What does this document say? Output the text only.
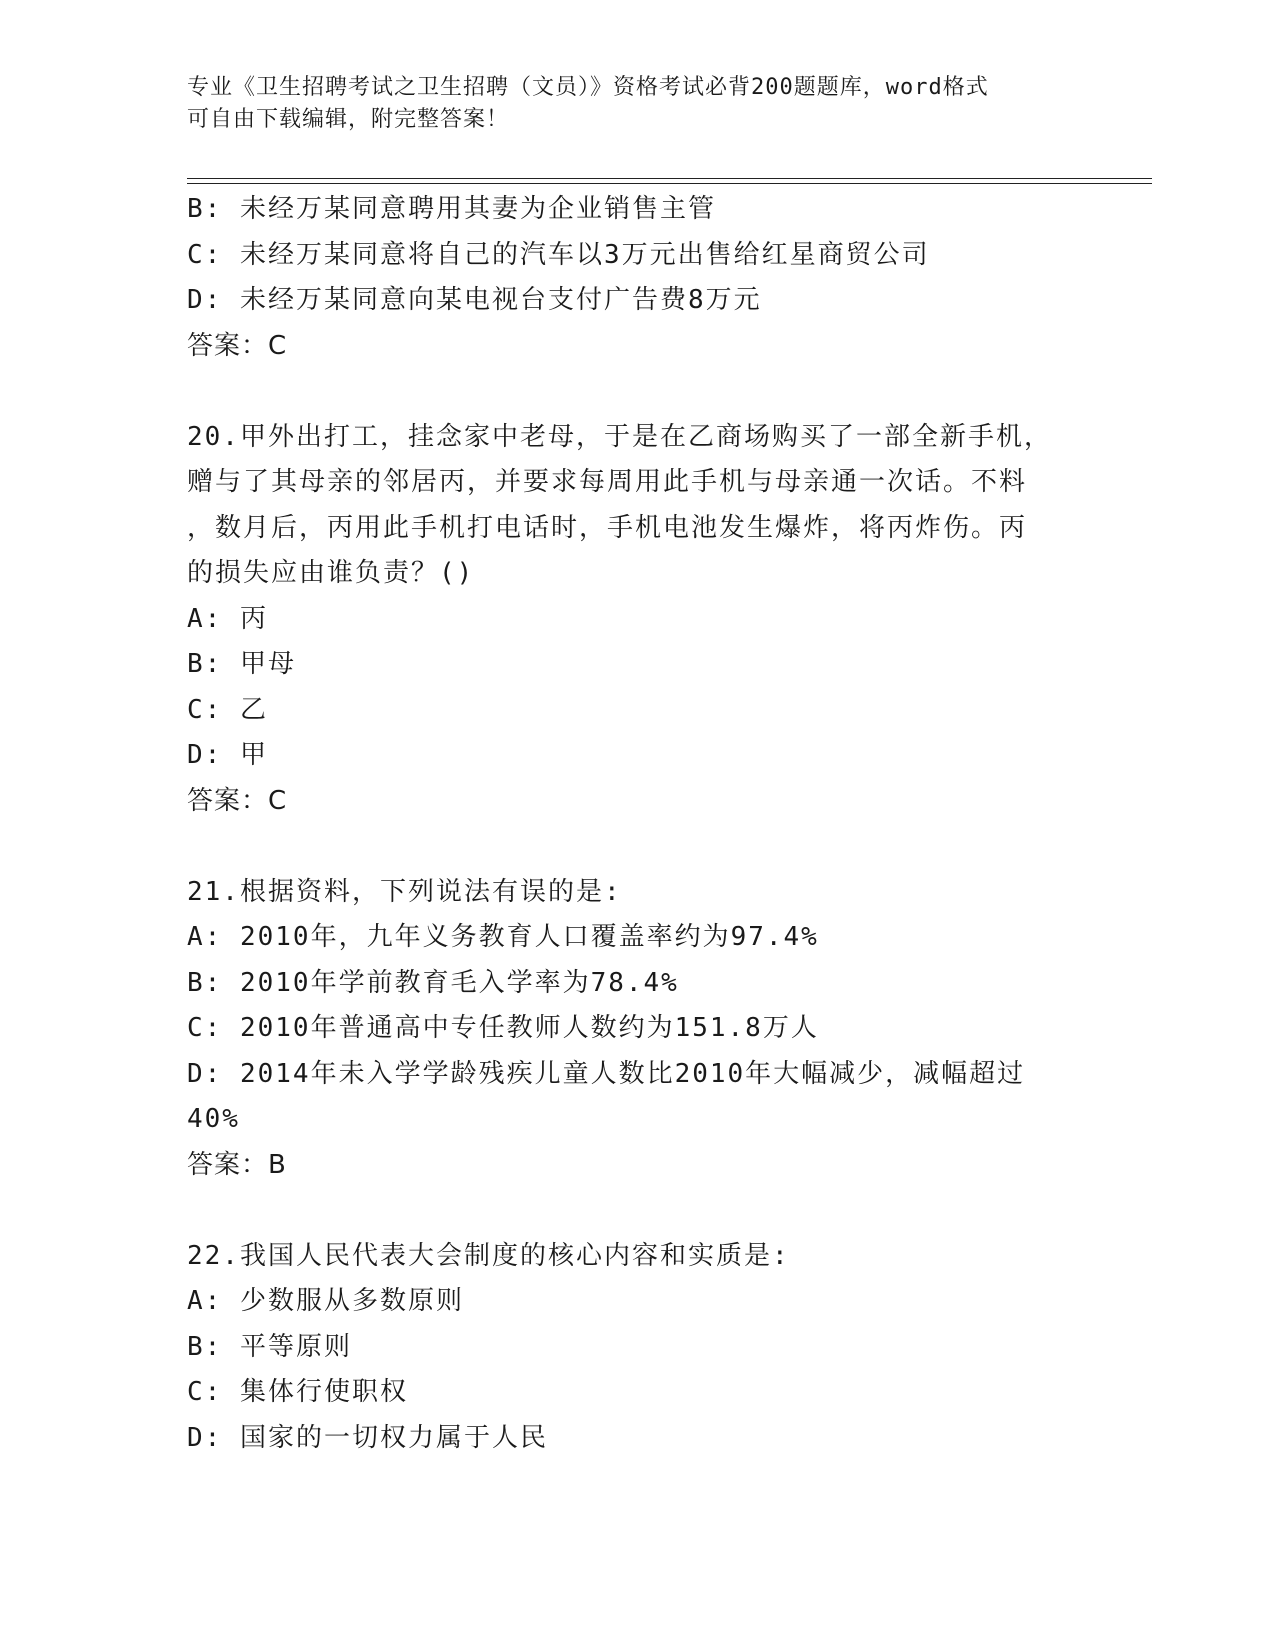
专业《卫生招聘考试之卫生招聘（文员）》资格考试必背200题题库，word格式
可自由下载编辑，附完整答案！
B: 未经万某同意聘用其妻为企业销售主管
C: 未经万某同意将自己的汽车以3万元出售给红星商贸公司
D: 未经万某同意向某电视台支付广告费8万元
答案：C
20.甲外出打工，挂念家中老母，于是在乙商场购买了一部全新手机，
赠与了其母亲的邻居丙，并要求每周用此手机与母亲通一次话。不料
，数月后，丙用此手机打电话时，手机电池发生爆炸，将丙炸伤。丙
的损失应由谁负责？()
A: 丙
B: 甲母
C: 乙
D: 甲
答案：C
21.根据资料，下列说法有误的是:
A: 2010年，九年义务教育人口覆盖率约为97.4%
B: 2010年学前教育毛入学率为78.4%
C: 2010年普通高中专任教师人数约为151.8万人
D: 2014年未入学学龄残疾儿童人数比2010年大幅减少，减幅超过
40%
答案：B
22.我国人民代表大会制度的核心内容和实质是:
A: 少数服从多数原则
B: 平等原则
C: 集体行使职权
D: 国家的一切权力属于人民
